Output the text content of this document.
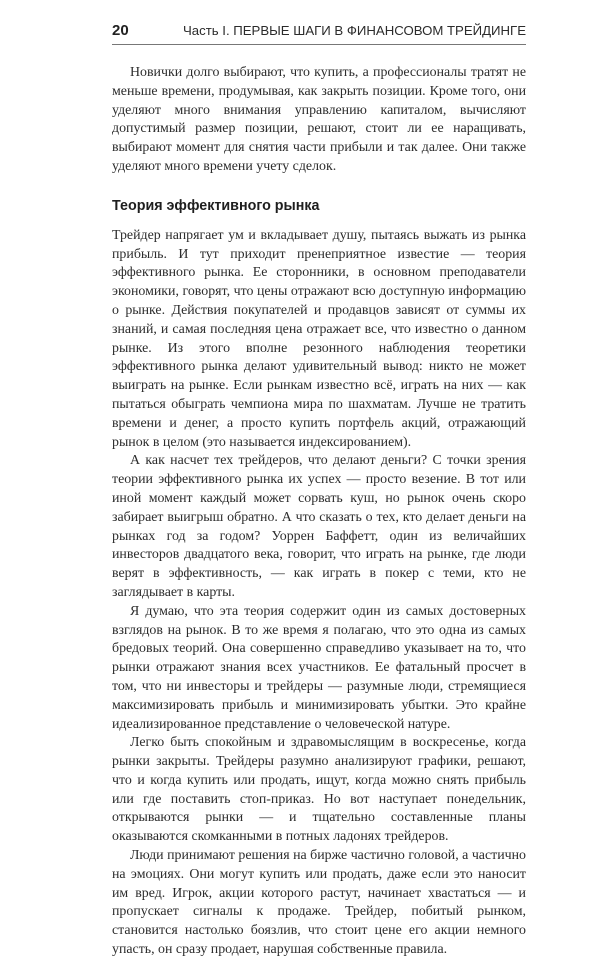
20	Часть I. ПЕРВЫЕ ШАГИ В ФИНАНСОВОМ ТРЕЙДИНГЕ

Новички долго выбирают, что купить, а профессионалы тратят не меньше времени, продумывая, как закрыть позиции. Кроме того, они уделяют много внимания управлению капиталом, вычисляют допустимый размер позиции, решают, стоит ли ее наращивать, выбирают момент для снятия части прибыли и так далее. Они также уделяют много времени учету сделок.

Теория эффективного рынка

Трейдер напрягает ум и вкладывает душу, пытаясь выжать из рынка прибыль. И тут приходит пренеприятное известие — теория эффективного рынка. Ее сторонники, в основном преподаватели экономики, говорят, что цены отражают всю доступную информацию о рынке. Действия покупателей и продавцов зависят от суммы их знаний, и самая последняя цена отражает все, что известно о данном рынке. Из этого вполне резонного наблюдения теоретики эффективного рынка делают удивительный вывод: никто не может выиграть на рынке. Если рынкам известно всё, играть на них — как пытаться обыграть чемпиона мира по шахматам. Лучше не тратить времени и денег, а просто купить портфель акций, отражающий рынок в целом (это называется индексированием).

А как насчет тех трейдеров, что делают деньги? С точки зрения теории эффективного рынка их успех — просто везение. В тот или иной момент каждый может сорвать куш, но рынок очень скоро забирает выигрыш обратно. А что сказать о тех, кто делает деньги на рынках год за годом? Уоррен Баффетт, один из величайших инвесторов двадцатого века, говорит, что играть на рынке, где люди верят в эффективность, — как играть в покер с теми, кто не заглядывает в карты.

Я думаю, что эта теория содержит один из самых достоверных взглядов на рынок. В то же время я полагаю, что это одна из самых бредовых теорий. Она совершенно справедливо указывает на то, что рынки отражают знания всех участников. Ее фатальный просчет в том, что ни инвесторы и трейдеры — разумные люди, стремящиеся максимизировать прибыль и минимизировать убытки. Это крайне идеализированное представление о человеческой натуре.

Легко быть спокойным и здравомыслящим в воскресенье, когда рынки закрыты. Трейдеры разумно анализируют графики, решают, что и когда купить или продать, ищут, когда можно снять прибыль или где поставить стоп-приказ. Но вот наступает понедельник, открываются рынки — и тщательно составленные планы оказываются скомканными в потных ладонях трейдеров.

Люди принимают решения на бирже частично головой, а частично на эмоциях. Они могут купить или продать, даже если это наносит им вред. Игрок, акции которого растут, начинает хвастаться — и пропускает сигналы к продаже. Трейдер, побитый рынком, становится настолько боязлив, что стоит цене его акции немного упасть, он сразу продает, нарушая собственные правила.
